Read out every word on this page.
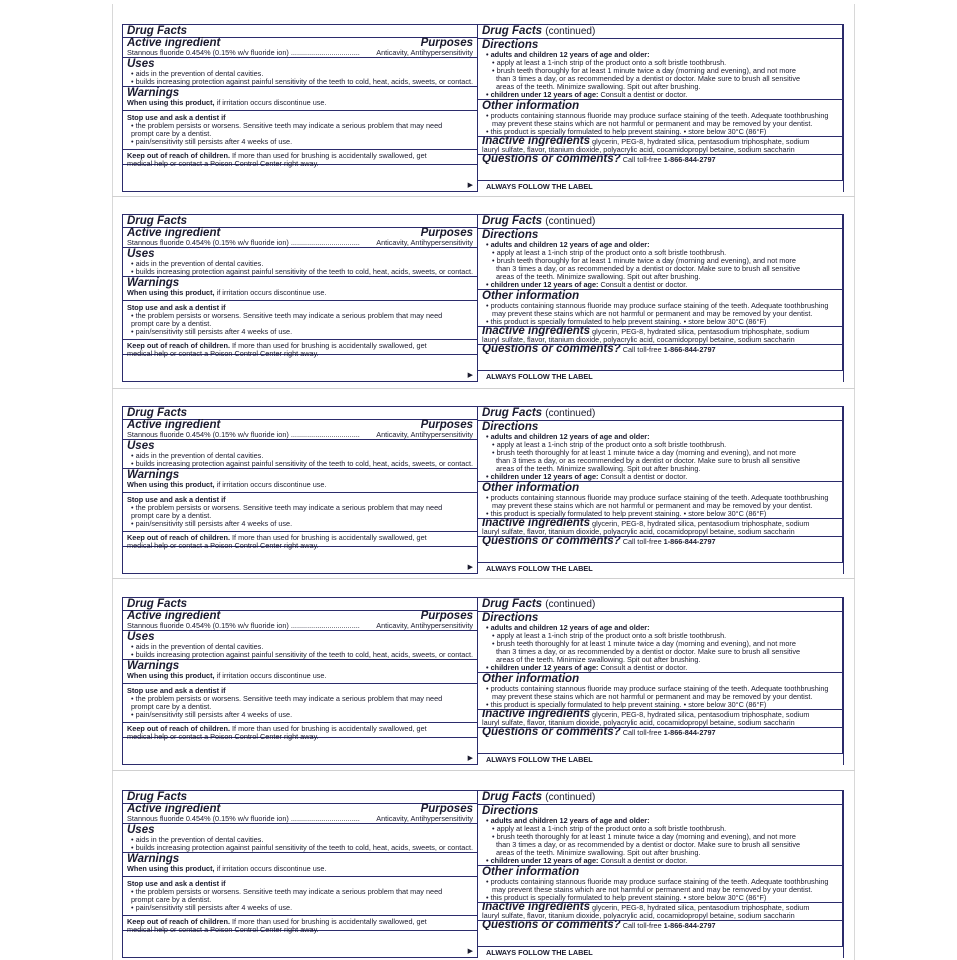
Drug Facts
Active ingredient	Purposes
Stannous fluoride 0.454% (0.15% w/v fluoride ion) ..................................	Anticavity, Antihypersensitivity
Uses
• aids in the prevention of dental cavities.
• builds increasing protection against painful sensitivity of the teeth to cold, heat, acids, sweets, or contact.
Warnings
When using this product, if irritation occurs discontinue use.
Stop use and ask a dentist if
• the problem persists or worsens. Sensitive teeth may indicate a serious problem that may need
prompt care by a dentist.
• pain/sensitivity still persists after 4 weeks of use.
Keep out of reach of children. If more than used for brushing is accidentally swallowed, get
medical help or contact a Poison Control Center right away.
▶
Drug Facts (continued)
Directions
• adults and children 12 years of age and older:
• apply at least a 1-inch strip of the product onto a soft bristle toothbrush.
• brush teeth thoroughly for at least 1 minute twice a day (morning and evening), and not more
than 3 times a day, or as recommended by a dentist or doctor. Make sure to brush all sensitive
areas of the teeth. Minimize swallowing. Spit out after brushing.
• children under 12 years of age: Consult a dentist or doctor.
Other information
• products containing stannous fluoride may produce surface staining of the teeth. Adequate toothbrushing
may prevent these stains which are not harmful or permanent and may be removed by your dentist.
• this product is specially formulated to help prevent staining. • store below 30°C (86°F)
Inactive ingredients glycerin, PEG-8, hydrated silica, pentasodium triphosphate, sodium
lauryl sulfate, flavor, titanium dioxide, polyacrylic acid, cocamidopropyl betaine, sodium saccharin
Questions or comments? Call toll-free 1-866-844-2797
ALWAYS FOLLOW THE LABEL
Drug Facts
Active ingredient	Purposes
Stannous fluoride 0.454% (0.15% w/v fluoride ion) ..................................	Anticavity, Antihypersensitivity
Uses
• aids in the prevention of dental cavities.
• builds increasing protection against painful sensitivity of the teeth to cold, heat, acids, sweets, or contact.
Warnings
When using this product, if irritation occurs discontinue use.
Stop use and ask a dentist if
• the problem persists or worsens. Sensitive teeth may indicate a serious problem that may need
prompt care by a dentist.
• pain/sensitivity still persists after 4 weeks of use.
Keep out of reach of children. If more than used for brushing is accidentally swallowed, get
medical help or contact a Poison Control Center right away.
▶
Drug Facts (continued)
Directions
• adults and children 12 years of age and older:
• apply at least a 1-inch strip of the product onto a soft bristle toothbrush.
• brush teeth thoroughly for at least 1 minute twice a day (morning and evening), and not more
than 3 times a day, or as recommended by a dentist or doctor. Make sure to brush all sensitive
areas of the teeth. Minimize swallowing. Spit out after brushing.
• children under 12 years of age: Consult a dentist or doctor.
Other information
• products containing stannous fluoride may produce surface staining of the teeth. Adequate toothbrushing
may prevent these stains which are not harmful or permanent and may be removed by your dentist.
• this product is specially formulated to help prevent staining. • store below 30°C (86°F)
Inactive ingredients glycerin, PEG-8, hydrated silica, pentasodium triphosphate, sodium
lauryl sulfate, flavor, titanium dioxide, polyacrylic acid, cocamidopropyl betaine, sodium saccharin
Questions or comments? Call toll-free 1-866-844-2797
ALWAYS FOLLOW THE LABEL
Drug Facts
Active ingredient	Purposes
Stannous fluoride 0.454% (0.15% w/v fluoride ion) ..................................	Anticavity, Antihypersensitivity
Uses
• aids in the prevention of dental cavities.
• builds increasing protection against painful sensitivity of the teeth to cold, heat, acids, sweets, or contact.
Warnings
When using this product, if irritation occurs discontinue use.
Stop use and ask a dentist if
• the problem persists or worsens. Sensitive teeth may indicate a serious problem that may need
prompt care by a dentist.
• pain/sensitivity still persists after 4 weeks of use.
Keep out of reach of children. If more than used for brushing is accidentally swallowed, get
medical help or contact a Poison Control Center right away.
▶
Drug Facts (continued)
Directions
• adults and children 12 years of age and older:
• apply at least a 1-inch strip of the product onto a soft bristle toothbrush.
• brush teeth thoroughly for at least 1 minute twice a day (morning and evening), and not more
than 3 times a day, or as recommended by a dentist or doctor. Make sure to brush all sensitive
areas of the teeth. Minimize swallowing. Spit out after brushing.
• children under 12 years of age: Consult a dentist or doctor.
Other information
• products containing stannous fluoride may produce surface staining of the teeth. Adequate toothbrushing
may prevent these stains which are not harmful or permanent and may be removed by your dentist.
• this product is specially formulated to help prevent staining. • store below 30°C (86°F)
Inactive ingredients glycerin, PEG-8, hydrated silica, pentasodium triphosphate, sodium
lauryl sulfate, flavor, titanium dioxide, polyacrylic acid, cocamidopropyl betaine, sodium saccharin
Questions or comments? Call toll-free 1-866-844-2797
ALWAYS FOLLOW THE LABEL
Drug Facts
Active ingredient	Purposes
Stannous fluoride 0.454% (0.15% w/v fluoride ion) ..................................	Anticavity, Antihypersensitivity
Uses
• aids in the prevention of dental cavities.
• builds increasing protection against painful sensitivity of the teeth to cold, heat, acids, sweets, or contact.
Warnings
When using this product, if irritation occurs discontinue use.
Stop use and ask a dentist if
• the problem persists or worsens. Sensitive teeth may indicate a serious problem that may need
prompt care by a dentist.
• pain/sensitivity still persists after 4 weeks of use.
Keep out of reach of children. If more than used for brushing is accidentally swallowed, get
medical help or contact a Poison Control Center right away.
▶
Drug Facts (continued)
Directions
• adults and children 12 years of age and older:
• apply at least a 1-inch strip of the product onto a soft bristle toothbrush.
• brush teeth thoroughly for at least 1 minute twice a day (morning and evening), and not more
than 3 times a day, or as recommended by a dentist or doctor. Make sure to brush all sensitive
areas of the teeth. Minimize swallowing. Spit out after brushing.
• children under 12 years of age: Consult a dentist or doctor.
Other information
• products containing stannous fluoride may produce surface staining of the teeth. Adequate toothbrushing
may prevent these stains which are not harmful or permanent and may be removed by your dentist.
• this product is specially formulated to help prevent staining. • store below 30°C (86°F)
Inactive ingredients glycerin, PEG-8, hydrated silica, pentasodium triphosphate, sodium
lauryl sulfate, flavor, titanium dioxide, polyacrylic acid, cocamidopropyl betaine, sodium saccharin
Questions or comments? Call toll-free 1-866-844-2797
ALWAYS FOLLOW THE LABEL
Drug Facts
Active ingredient	Purposes
Stannous fluoride 0.454% (0.15% w/v fluoride ion) ..................................	Anticavity, Antihypersensitivity
Uses
• aids in the prevention of dental cavities.
• builds increasing protection against painful sensitivity of the teeth to cold, heat, acids, sweets, or contact.
Warnings
When using this product, if irritation occurs discontinue use.
Stop use and ask a dentist if
• the problem persists or worsens. Sensitive teeth may indicate a serious problem that may need
prompt care by a dentist.
• pain/sensitivity still persists after 4 weeks of use.
Keep out of reach of children. If more than used for brushing is accidentally swallowed, get
medical help or contact a Poison Control Center right away.
▶
Drug Facts (continued)
Directions
• adults and children 12 years of age and older:
• apply at least a 1-inch strip of the product onto a soft bristle toothbrush.
• brush teeth thoroughly for at least 1 minute twice a day (morning and evening), and not more
than 3 times a day, or as recommended by a dentist or doctor. Make sure to brush all sensitive
areas of the teeth. Minimize swallowing. Spit out after brushing.
• children under 12 years of age: Consult a dentist or doctor.
Other information
• products containing stannous fluoride may produce surface staining of the teeth. Adequate toothbrushing
may prevent these stains which are not harmful or permanent and may be removed by your dentist.
• this product is specially formulated to help prevent staining. • store below 30°C (86°F)
Inactive ingredients glycerin, PEG-8, hydrated silica, pentasodium triphosphate, sodium
lauryl sulfate, flavor, titanium dioxide, polyacrylic acid, cocamidopropyl betaine, sodium saccharin
Questions or comments? Call toll-free 1-866-844-2797
ALWAYS FOLLOW THE LABEL
